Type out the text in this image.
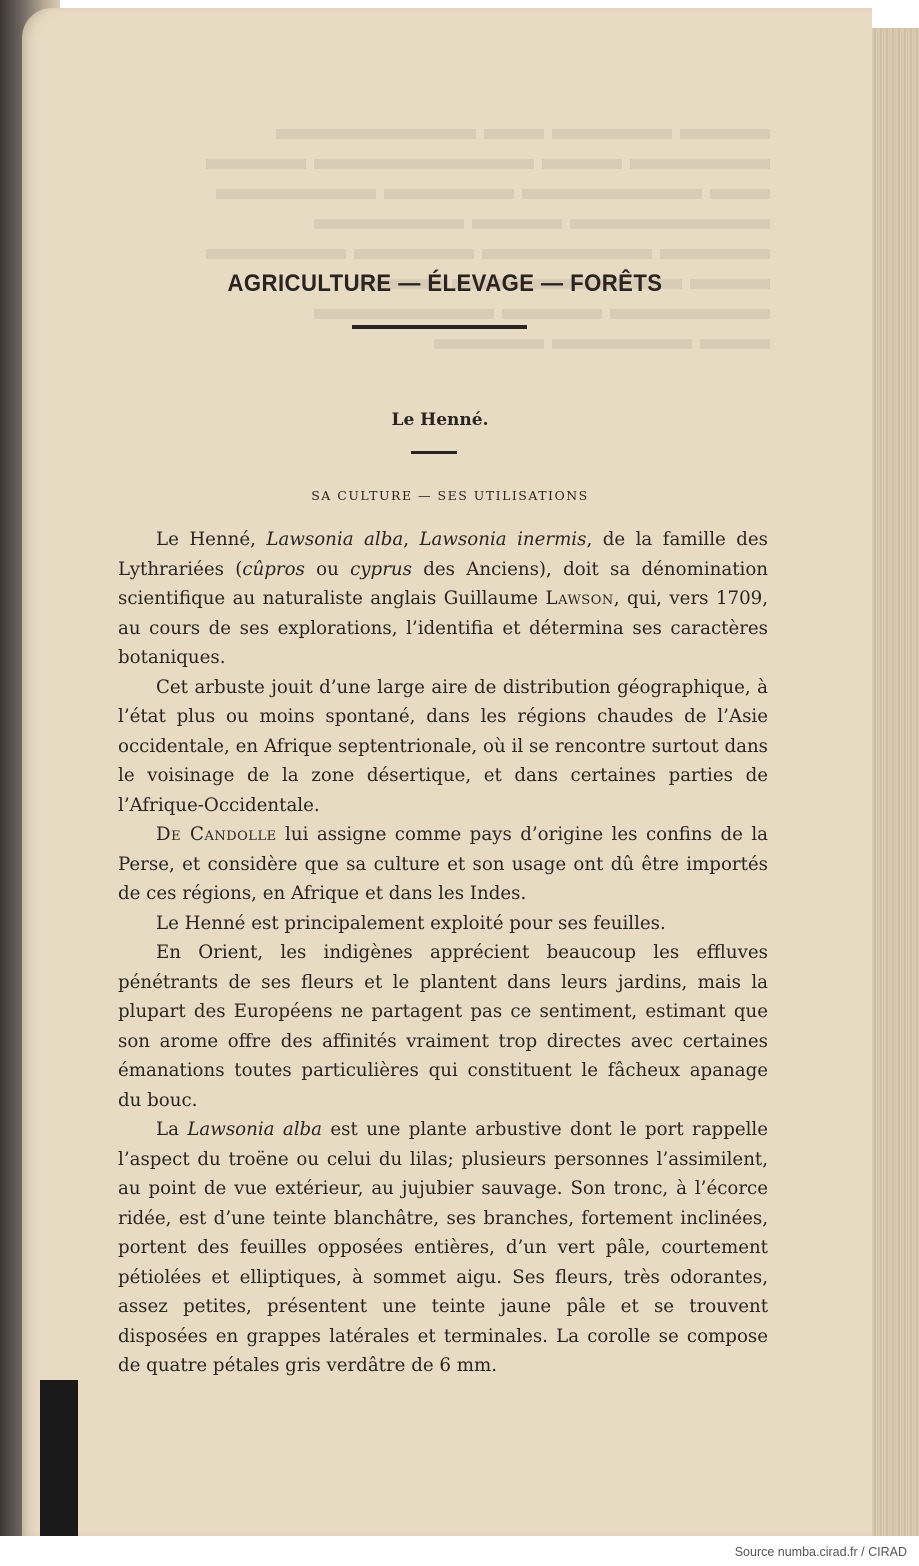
AGRICULTURE — ÉLEVAGE — FORÊTS
Le Henné.
SA CULTURE — SES UTILISATIONS

Le Henné, Lawsonia alba, Lawsonia inermis, de la famille des Lythrariées (cûpros ou cyprus des Anciens), doit sa dénomination scientifique au naturaliste anglais Guillaume Lawson, qui, vers 1709, au cours de ses explorations, l’identifia et détermina ses caractères botaniques.

Cet arbuste jouit d’une large aire de distribution géographique, à l’état plus ou moins spontané, dans les régions chaudes de l’Asie occidentale, en Afrique septentrionale, où il se rencontre surtout dans le voisinage de la zone désertique, et dans certaines parties de l’Afrique-Occidentale.

De Candolle lui assigne comme pays d’origine les confins de la Perse, et considère que sa culture et son usage ont dû être importés de ces régions, en Afrique et dans les Indes.

Le Henné est principalement exploité pour ses feuilles.

En Orient, les indigènes apprécient beaucoup les effluves pénétrants de ses fleurs et le plantent dans leurs jardins, mais la plupart des Européens ne partagent pas ce sentiment, estimant que son arome offre des affinités vraiment trop directes avec certaines émanations toutes particulières qui constituent le fâcheux apanage du bouc.

La Lawsonia alba est une plante arbustive dont le port rappelle l’aspect du troëne ou celui du lilas; plusieurs personnes l’assimilent, au point de vue extérieur, au jujubier sauvage. Son tronc, à l’écorce ridée, est d’une teinte blanchâtre, ses branches, fortement inclinées, portent des feuilles opposées entières, d’un vert pâle, courtement pétiolées et elliptiques, à sommet aigu. Ses fleurs, très odorantes, assez petites, présentent une teinte jaune pâle et se trouvent disposées en grappes latérales et terminales. La corolle se compose de quatre pétales gris verdâtre de 6 mm.

Source numba.cirad.fr / CIRAD
